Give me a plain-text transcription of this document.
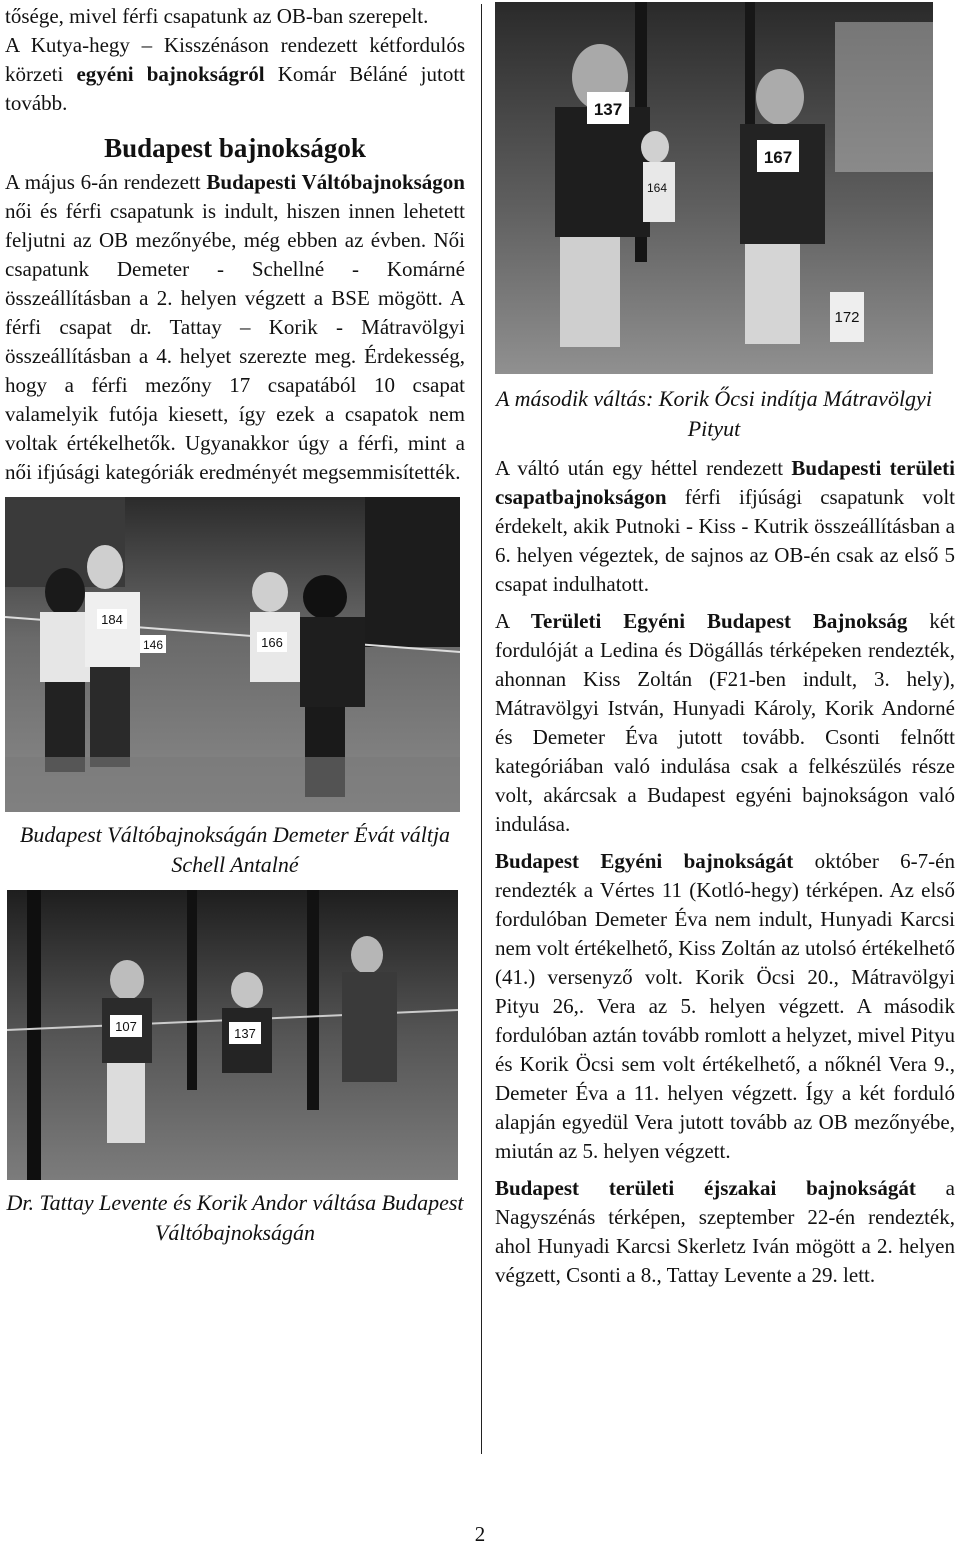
tősége, mivel férfi csapatunk az OB-ban szerepelt.

A Kutya-hegy – Kisszénáson rendezett kétfordulós körzeti egyéni bajnokságról Komár Béláné jutott tovább.

Budapest bajnokságok

A május 6-án rendezett Budapesti Váltóbajnokságon női és férfi csapatunk is indult, hiszen innen lehetett feljutni az OB mezőnyébe, még ebben az évben. Női csapatunk Demeter - Schellné - Komárné összeállításban a 2. helyen végzett a BSE mögött. A férfi csapat dr. Tattay – Korik - Mátravölgyi összeállításban a 4. helyet szerezte meg. Érdekesség, hogy a férfi mezőny 17 csapatából 10 csapat valamelyik futója kiesett, így ezek a csapatok nem voltak értékelhetők. Ugyanakkor úgy a férfi, mint a női ifjúsági kategóriák eredményét megsemmisítették.

184
166
146

Budapest Váltóbajnokságán Demeter Évát váltja Schell Antalné

107	137

Dr. Tattay Levente és Korik Andor váltása Budapest Váltóbajnokságán

137
167
164
172

A második váltás: Korik Őcsi indítja Mátravölgyi Pityut

A váltó után egy héttel rendezett Budapesti területi csapatbajnokságon férfi ifjúsági csapatunk volt érdekelt, akik Putnoki - Kiss - Kutrik összeállításban a 6. helyen végeztek, de sajnos az OB-én csak az első 5 csapat indulhatott.

A Területi Egyéni Budapest Bajnokság két fordulóját a Ledina és Dögállás térképeken rendezték, ahonnan Kiss Zoltán (F21-ben indult, 3. hely), Mátravölgyi István, Hunyadi Károly, Korik Andorné és Demeter Éva jutott tovább. Csonti felnőtt kategóriában való indulása csak a felkészülés része volt, akárcsak a Budapest egyéni bajnokságon való indulása.

Budapest Egyéni bajnokságát október 6-7-én rendezték a Vértes 11 (Kotló-hegy) térképen. Az első fordulóban Demeter Éva nem indult, Hunyadi Karcsi nem volt értékelhető, Kiss Zoltán az utolsó értékelhető (41.) versenyző volt. Korik Öcsi 20., Mátravölgyi Pityu 26,. Vera az 5. helyen végzett. A második fordulóban aztán tovább romlott a helyzet, mivel Pityu és Korik Öcsi sem volt értékelhető, a nőknél Vera 9., Demeter Éva a 11. helyen végzett. Így a két forduló alapján egyedül Vera jutott tovább az OB mezőnyébe, miután az 5. helyen végzett.

Budapest területi éjszakai bajnokságát a Nagyszénás térképen, szeptember 22-én rendezték, ahol Hunyadi Karcsi Skerletz Iván mögött a 2. helyen végzett, Csonti a 8., Tattay Levente a 29. lett.

2
